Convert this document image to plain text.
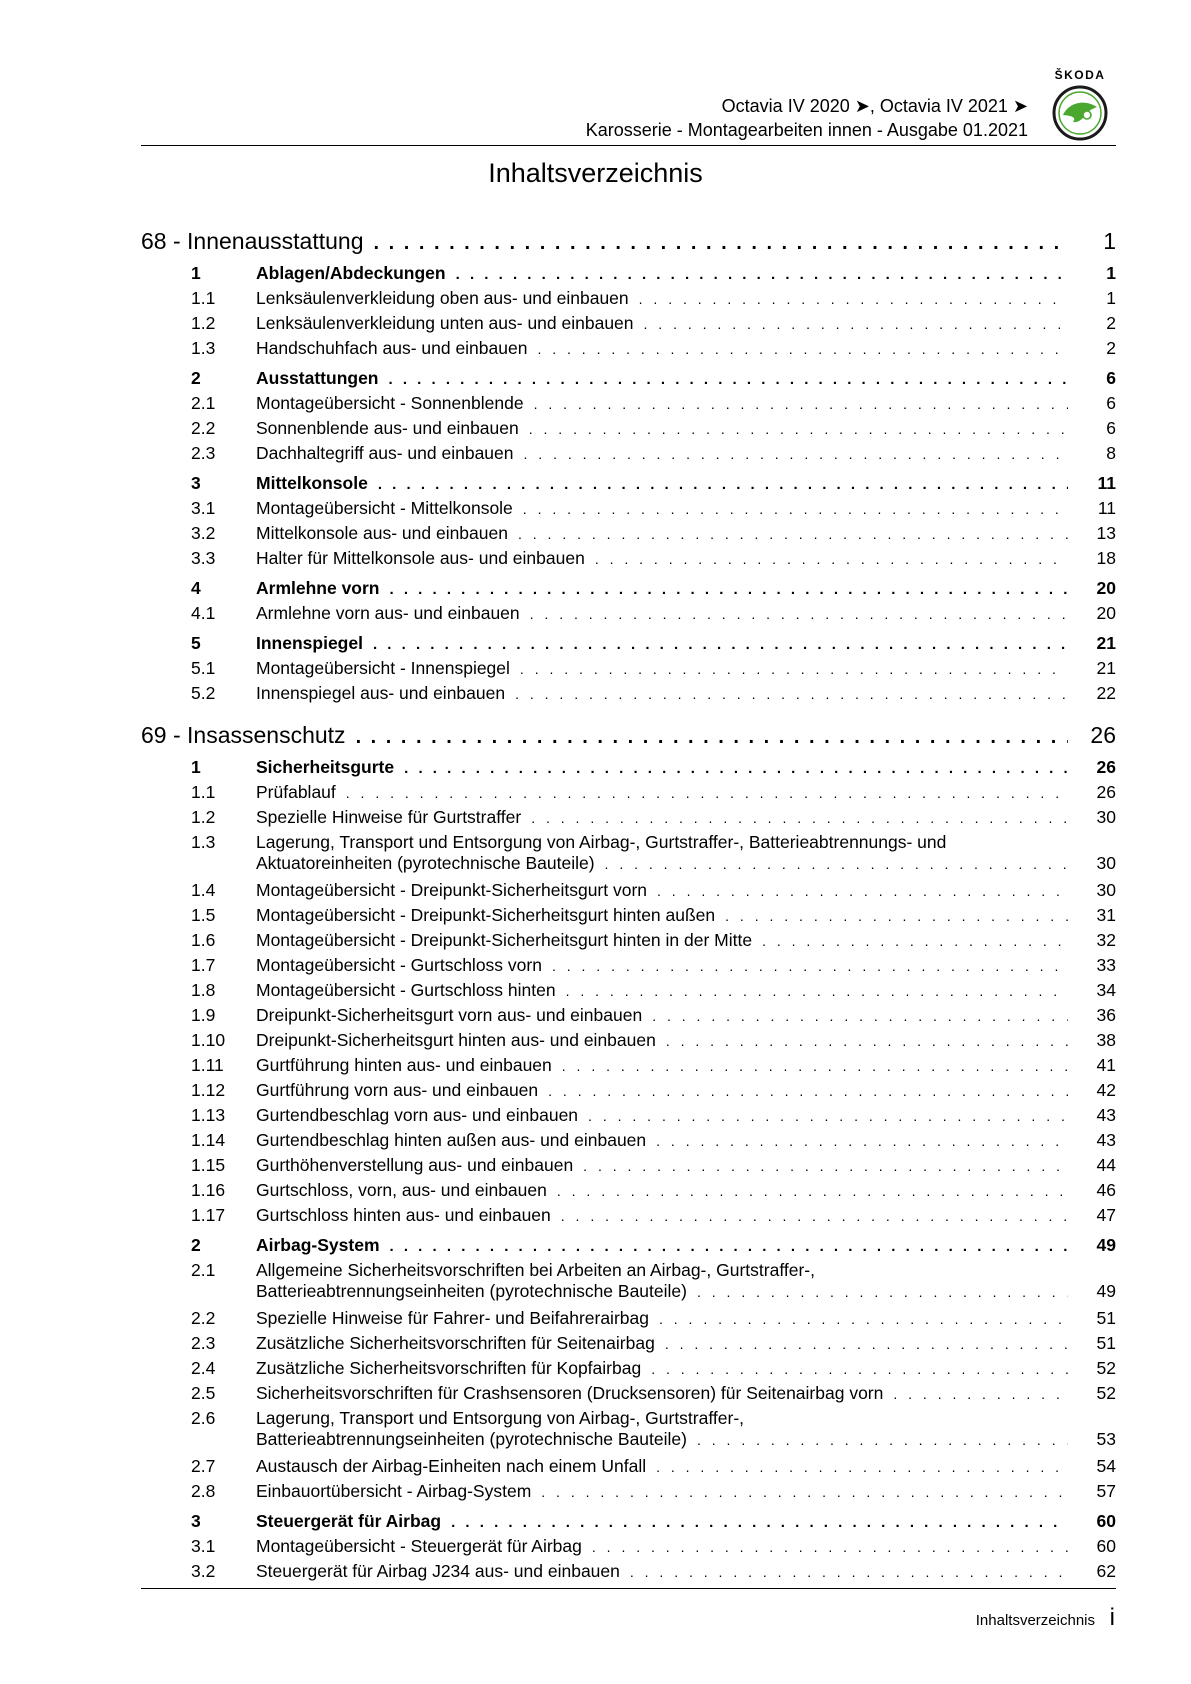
Octavia IV 2020 ➤, Octavia IV 2021 ➤
Karosserie - Montagearbeiten innen - Ausgabe 01.2021
ŠKODA
Inhaltsverzeichnis
68 - Innenausstattung . . .	1
1	Ablagen/Abdeckungen . . .	1
1.1 Lenksäulenverkleidung oben aus- und einbauen . . .	1
1.2 Lenksäulenverkleidung unten aus- und einbauen . . .	2
1.3 Handschuhfach aus- und einbauen . . .	2
2	Ausstattungen . . .	6
2.1 Montageübersicht - Sonnenblende . . .	6
2.2 Sonnenblende aus- und einbauen . . .	6
2.3 Dachhaltegriff aus- und einbauen . . .	8
3	Mittelkonsole . . .	11
3.1 Montageübersicht - Mittelkonsole . . .	11
3.2 Mittelkonsole aus- und einbauen . . .	13
3.3 Halter für Mittelkonsole aus- und einbauen . . .	18
4	Armlehne vorn . . .	20
4.1 Armlehne vorn aus- und einbauen . . .	20
5	Innenspiegel . . .	21
5.1 Montageübersicht - Innenspiegel . . .	21
5.2 Innenspiegel aus- und einbauen . . .	22
69 - Insassenschutz . . .	26
1	Sicherheitsgurte . . .	26
1.1 Prüfablauf . . .	26
1.2 Spezielle Hinweise für Gurtstraffer . . .	30
1.3 Lagerung, Transport und Entsorgung von Airbag-, Gurtstraffer-, Batterieabtrennungs- und
Aktuatoreinheiten (pyrotechnische Bauteile) . . .	30
1.4 Montageübersicht - Dreipunkt-Sicherheitsgurt vorn . . .	30
1.5 Montageübersicht - Dreipunkt-Sicherheitsgurt hinten außen . . .	31
1.6 Montageübersicht - Dreipunkt-Sicherheitsgurt hinten in der Mitte . . .	32
1.7 Montageübersicht - Gurtschloss vorn . . .	33
1.8 Montageübersicht - Gurtschloss hinten . . .	34
1.9 Dreipunkt-Sicherheitsgurt vorn aus- und einbauen . . .	36
1.10 Dreipunkt-Sicherheitsgurt hinten aus- und einbauen . . .	38
1.11 Gurtführung hinten aus- und einbauen . . .	41
1.12 Gurtführung vorn aus- und einbauen . . .	42
1.13 Gurtendbeschlag vorn aus- und einbauen . . .	43
1.14 Gurtendbeschlag hinten außen aus- und einbauen . . .	43
1.15 Gurthöhenverstellung aus- und einbauen . . .	44
1.16 Gurtschloss, vorn, aus- und einbauen . . .	46
1.17 Gurtschloss hinten aus- und einbauen . . .	47
2	Airbag-System . . .	49
2.1 Allgemeine Sicherheitsvorschriften bei Arbeiten an Airbag-, Gurtstraffer-,
Batterieabtrennungseinheiten (pyrotechnische Bauteile) . . .	49
2.2 Spezielle Hinweise für Fahrer- und Beifahrerairbag . . .	51
2.3 Zusätzliche Sicherheitsvorschriften für Seitenairbag . . .	51
2.4 Zusätzliche Sicherheitsvorschriften für Kopfairbag . . .	52
2.5 Sicherheitsvorschriften für Crashsensoren (Drucksensoren) für Seitenairbag vorn . . .	52
2.6 Lagerung, Transport und Entsorgung von Airbag-, Gurtstraffer-,
Batterieabtrennungseinheiten (pyrotechnische Bauteile) . . .	53
2.7 Austausch der Airbag-Einheiten nach einem Unfall . . .	54
2.8 Einbauortübersicht - Airbag-System . . .	57
3	Steuergerät für Airbag . . .	60
3.1 Montageübersicht - Steuergerät für Airbag . . .	60
3.2 Steuergerät für Airbag J234 aus- und einbauen . . .	62
Inhaltsverzeichnis i
